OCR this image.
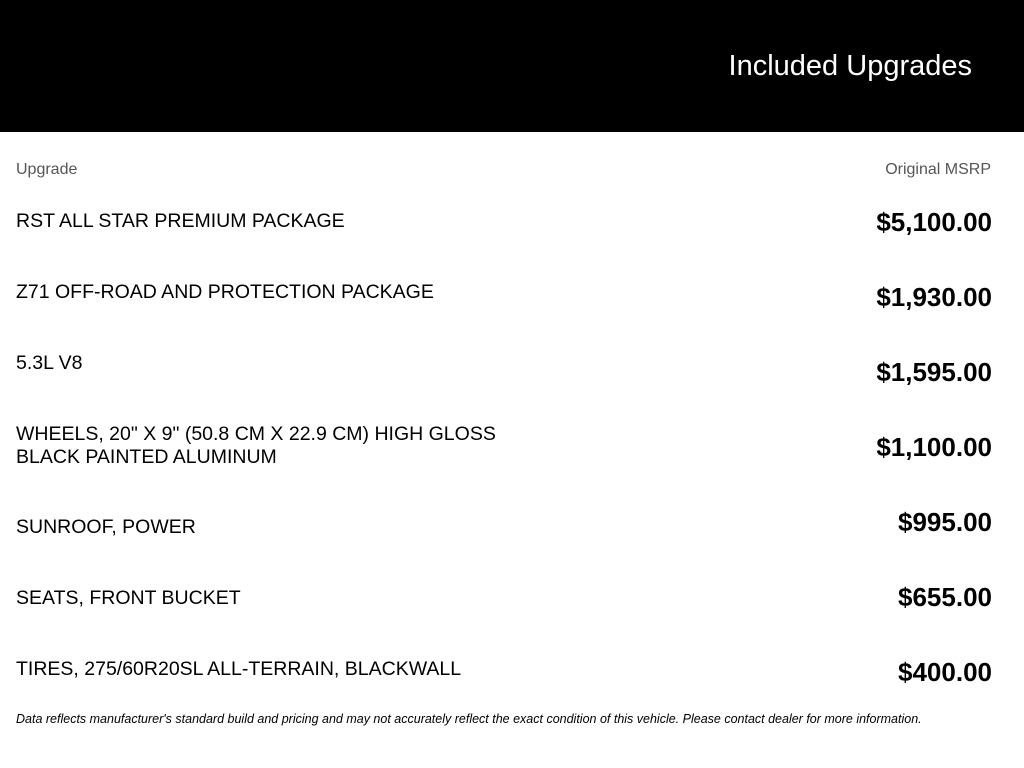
Included Upgrades
Upgrade	Original MSRP
RST ALL STAR PREMIUM PACKAGE	$5,100.00
Z71 OFF-ROAD AND PROTECTION PACKAGE	$1,930.00
5.3L V8	$1,595.00
WHEELS, 20" X 9" (50.8 CM X 22.9 CM) HIGH GLOSS BLACK PAINTED ALUMINUM	$1,100.00
SUNROOF, POWER	$995.00
SEATS, FRONT BUCKET	$655.00
TIRES, 275/60R20SL ALL-TERRAIN, BLACKWALL	$400.00
Data reflects manufacturer's standard build and pricing and may not accurately reflect the exact condition of this vehicle. Please contact dealer for more information.
